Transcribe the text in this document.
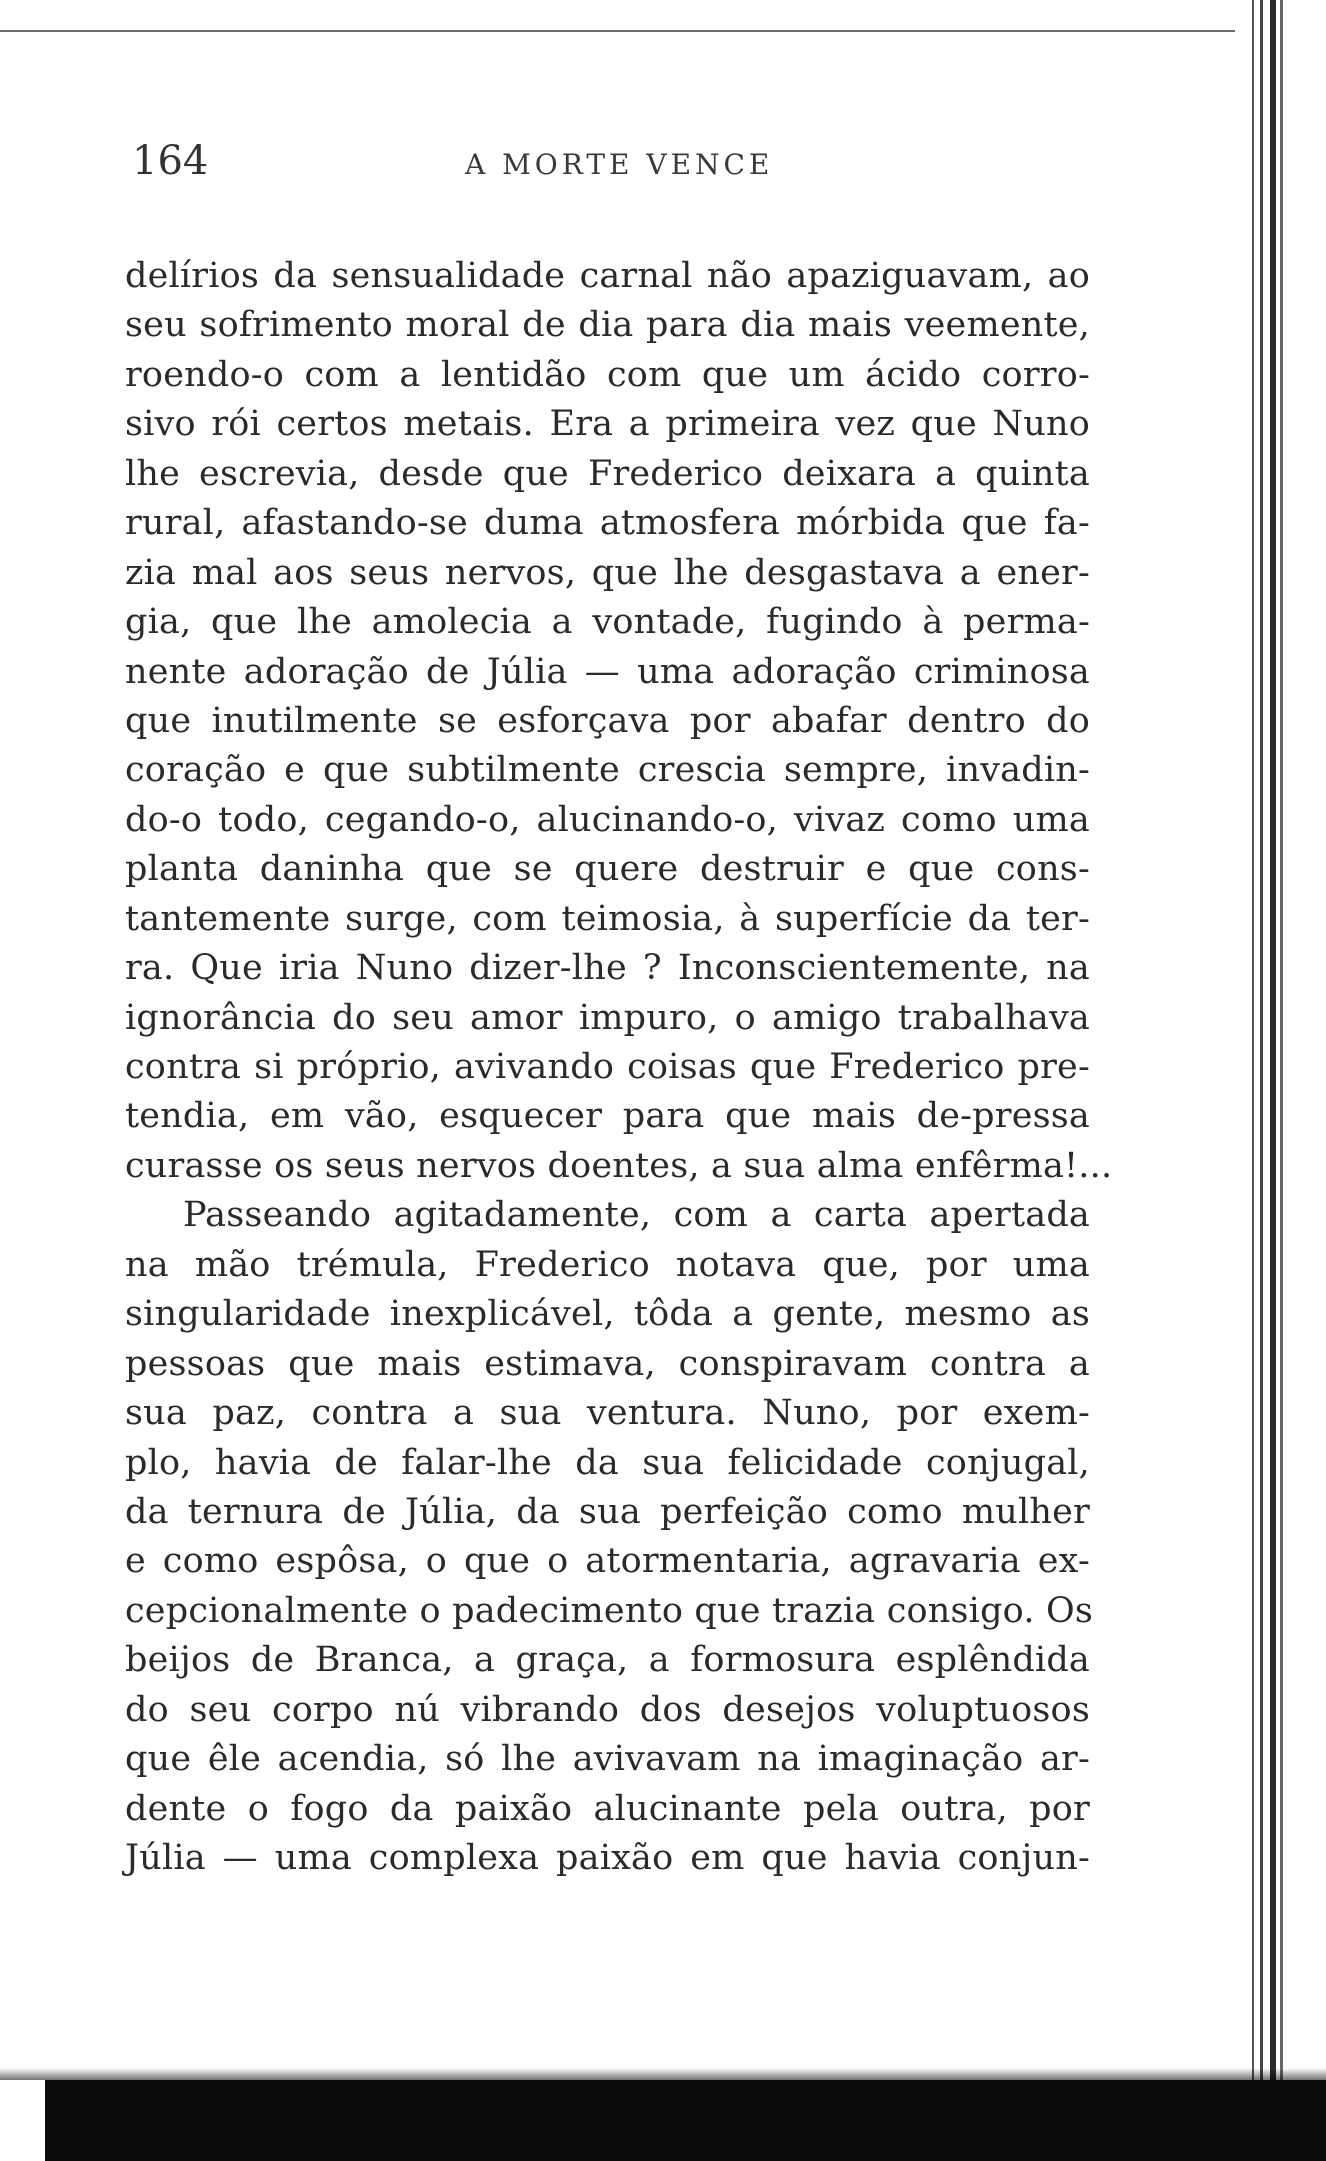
164	A MORTE VENCE
delírios da sensualidade carnal não apaziguavam, ao
seu sofrimento moral de dia para dia mais veemente,
roendo-o com a lentidão com que um ácido corro-
sivo rói certos metais. Era a primeira vez que Nuno
lhe escrevia, desde que Frederico deixara a quinta
rural, afastando-se duma atmosfera mórbida que fa-
zia mal aos seus nervos, que lhe desgastava a ener-
gia, que lhe amolecia a vontade, fugindo à perma-
nente adoração de Júlia — uma adoração criminosa
que inutilmente se esforçava por abafar dentro do
coração e que subtilmente crescia sempre, invadin-
do-o todo, cegando-o, alucinando-o, vivaz como uma
planta daninha que se quere destruir e que cons-
tantemente surge, com teimosia, à superfície da ter-
ra. Que iria Nuno dizer-lhe ? Inconscientemente, na
ignorância do seu amor impuro, o amigo trabalhava
contra si próprio, avivando coisas que Frederico pre-
tendia, em vão, esquecer para que mais de-pressa
curasse os seus nervos doentes, a sua alma enfêrma!...
Passeando agitadamente, com a carta apertada
na mão trémula, Frederico notava que, por uma
singularidade inexplicável, tôda a gente, mesmo as
pessoas que mais estimava, conspiravam contra a
sua paz, contra a sua ventura. Nuno, por exem-
plo, havia de falar-lhe da sua felicidade conjugal,
da ternura de Júlia, da sua perfeição como mulher
e como espôsa, o que o atormentaria, agravaria ex-
cepcionalmente o padecimento que trazia consigo. Os
beijos de Branca, a graça, a formosura esplêndida
do seu corpo nú vibrando dos desejos voluptuosos
que êle acendia, só lhe avivavam na imaginação ar-
dente o fogo da paixão alucinante pela outra, por
Júlia — uma complexa paixão em que havia conjun-
